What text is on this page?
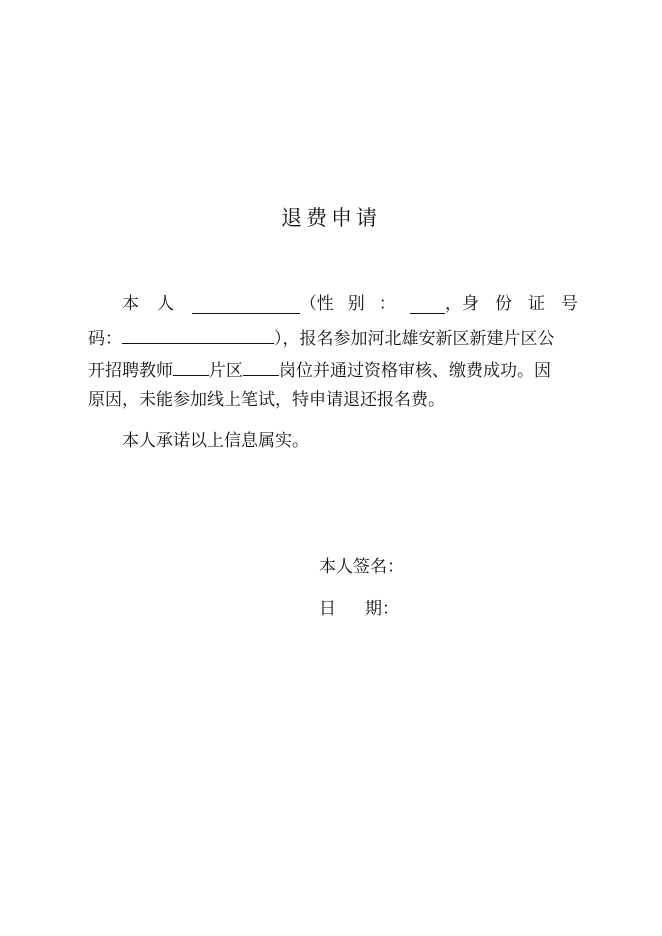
退费申请
本人	（ 性别： ， 身份证号
码：	），报名参加河北雄安新区新建片区公
开招聘教师 片区 岗位并通过资格审核、缴费成功。因
原因，未能参加线上笔试，特申请退还报名费。
本人承诺以上信息属实。
本人签名：
日 期：
